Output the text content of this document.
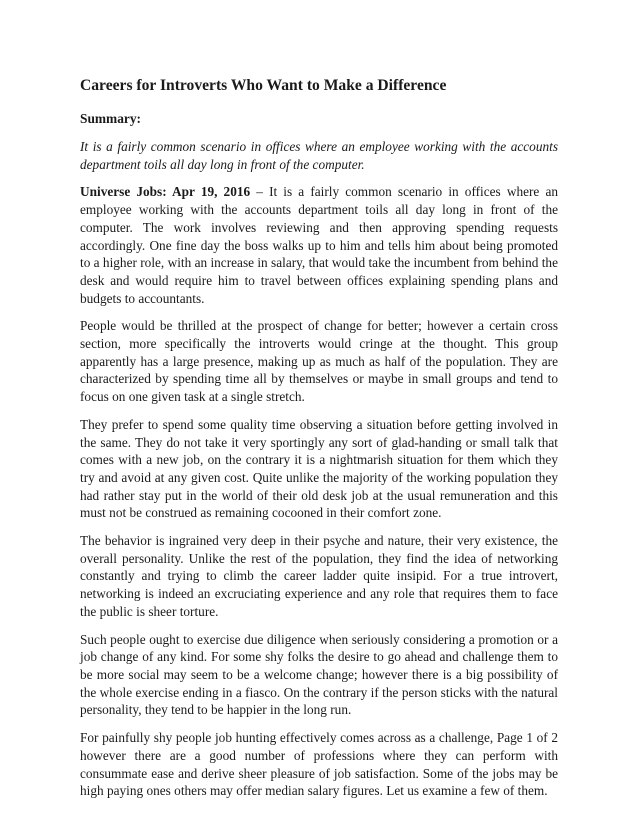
Careers for Introverts Who Want to Make a Difference
Summary:

It is a fairly common scenario in offices where an employee working with the accounts department toils all day long in front of the computer.

Universe Jobs: Apr 19, 2016 – It is a fairly common scenario in offices where an employee working with the accounts department toils all day long in front of the computer. The work involves reviewing and then approving spending requests accordingly. One fine day the boss walks up to him and tells him about being promoted to a higher role, with an increase in salary, that would take the incumbent from behind the desk and would require him to travel between offices explaining spending plans and budgets to accountants.

People would be thrilled at the prospect of change for better; however a certain cross section, more specifically the introverts would cringe at the thought. This group apparently has a large presence, making up as much as half of the population. They are characterized by spending time all by themselves or maybe in small groups and tend to focus on one given task at a single stretch.

They prefer to spend some quality time observing a situation before getting involved in the same. They do not take it very sportingly any sort of glad-handing or small talk that comes with a new job, on the contrary it is a nightmarish situation for them which they try and avoid at any given cost. Quite unlike the majority of the working population they had rather stay put in the world of their old desk job at the usual remuneration and this must not be construed as remaining cocooned in their comfort zone.

The behavior is ingrained very deep in their psyche and nature, their very existence, the overall personality. Unlike the rest of the population, they find the idea of networking constantly and trying to climb the career ladder quite insipid. For a true introvert, networking is indeed an excruciating experience and any role that requires them to face the public is sheer torture.

Such people ought to exercise due diligence when seriously considering a promotion or a job change of any kind. For some shy folks the desire to go ahead and challenge them to be more social may seem to be a welcome change; however there is a big possibility of the whole exercise ending in a fiasco. On the contrary if the person sticks with the natural personality, they tend to be happier in the long run.

For painfully shy people job hunting effectively comes across as a challenge, Page 1 of 2 however there are a good number of professions where they can perform with consummate ease and derive sheer pleasure of job satisfaction. Some of the jobs may be high paying ones others may offer median salary figures. Let us examine a few of them.
